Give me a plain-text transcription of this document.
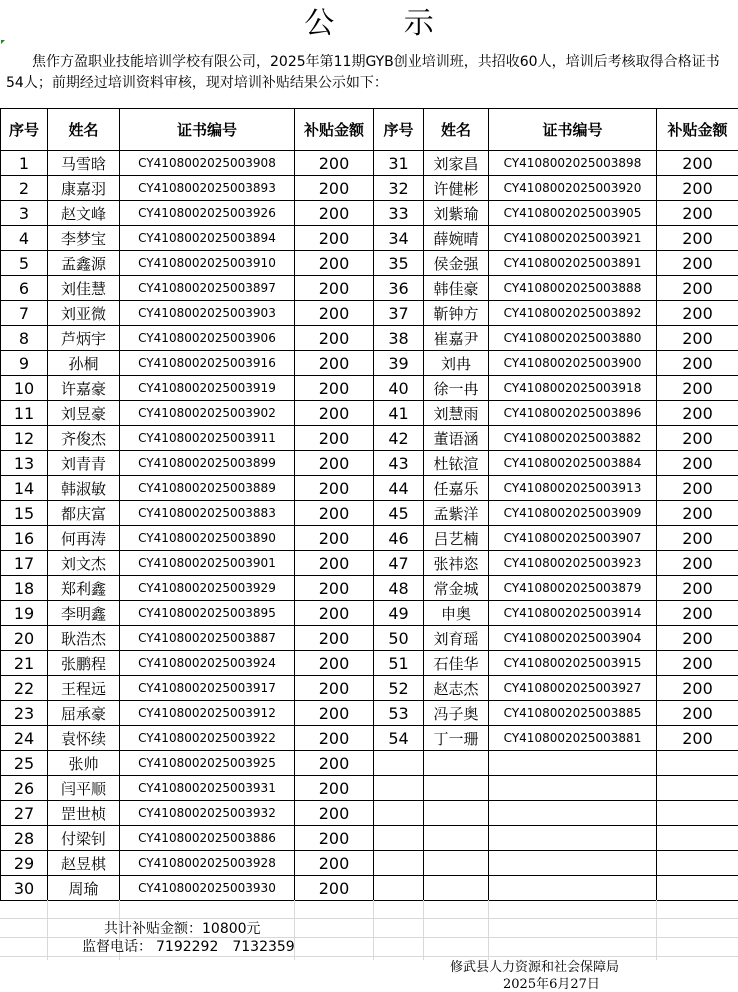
公 示

焦作方盈职业技能培训学校有限公司，2025年第11期GYB创业培训班，共招收60人，培训后考核取得合格证书54人；前期经过培训资料审核，现对培训补贴结果公示如下：

序号	姓名	证书编号	补贴金额	序号	姓名	证书编号	补贴金额
1	马雪晗	CY4108002025003908	200	31	刘家昌	CY4108002025003898	200
2	康嘉羽	CY4108002025003893	200	32	许健彬	CY4108002025003920	200
3	赵文峰	CY4108002025003926	200	33	刘紫瑜	CY4108002025003905	200
4	李梦宝	CY4108002025003894	200	34	薛婉晴	CY4108002025003921	200
5	孟鑫源	CY4108002025003910	200	35	侯金强	CY4108002025003891	200
6	刘佳慧	CY4108002025003897	200	36	韩佳豪	CY4108002025003888	200
7	刘亚微	CY4108002025003903	200	37	靳钟方	CY4108002025003892	200
8	芦炳宇	CY4108002025003906	200	38	崔嘉尹	CY4108002025003880	200
9	孙桐	CY4108002025003916	200	39	刘冉	CY4108002025003900	200
10	许嘉豪	CY4108002025003919	200	40	徐一冉	CY4108002025003918	200
11	刘昱豪	CY4108002025003902	200	41	刘慧雨	CY4108002025003896	200
12	齐俊杰	CY4108002025003911	200	42	董语涵	CY4108002025003882	200
13	刘青青	CY4108002025003899	200	43	杜铱渲	CY4108002025003884	200
14	韩淑敏	CY4108002025003889	200	44	任嘉乐	CY4108002025003913	200
15	都庆富	CY4108002025003883	200	45	孟紫洋	CY4108002025003909	200
16	何再涛	CY4108002025003890	200	46	吕艺楠	CY4108002025003907	200
17	刘文杰	CY4108002025003901	200	47	张祎恣	CY4108002025003923	200
18	郑利鑫	CY4108002025003929	200	48	常金城	CY4108002025003879	200
19	李明鑫	CY4108002025003895	200	49	申奥	CY4108002025003914	200
20	耿浩杰	CY4108002025003887	200	50	刘育瑶	CY4108002025003904	200
21	张鹏程	CY4108002025003924	200	51	石佳华	CY4108002025003915	200
22	王程远	CY4108002025003917	200	52	赵志杰	CY4108002025003927	200
23	屈承豪	CY4108002025003912	200	53	冯子奥	CY4108002025003885	200
24	袁怀续	CY4108002025003922	200	54	丁一珊	CY4108002025003881	200
25	张帅	CY4108002025003925	200				
26	闫平顺	CY4108002025003931	200				
27	罡世桢	CY4108002025003932	200				
28	付梁钊	CY4108002025003886	200				
29	赵昱棋	CY4108002025003928	200				
30	周瑜	CY4108002025003930	200				
共计补贴金额：10800元
监督电话： 7192292 7132359
修武县人力资源和社会保障局
2025年6月27日
